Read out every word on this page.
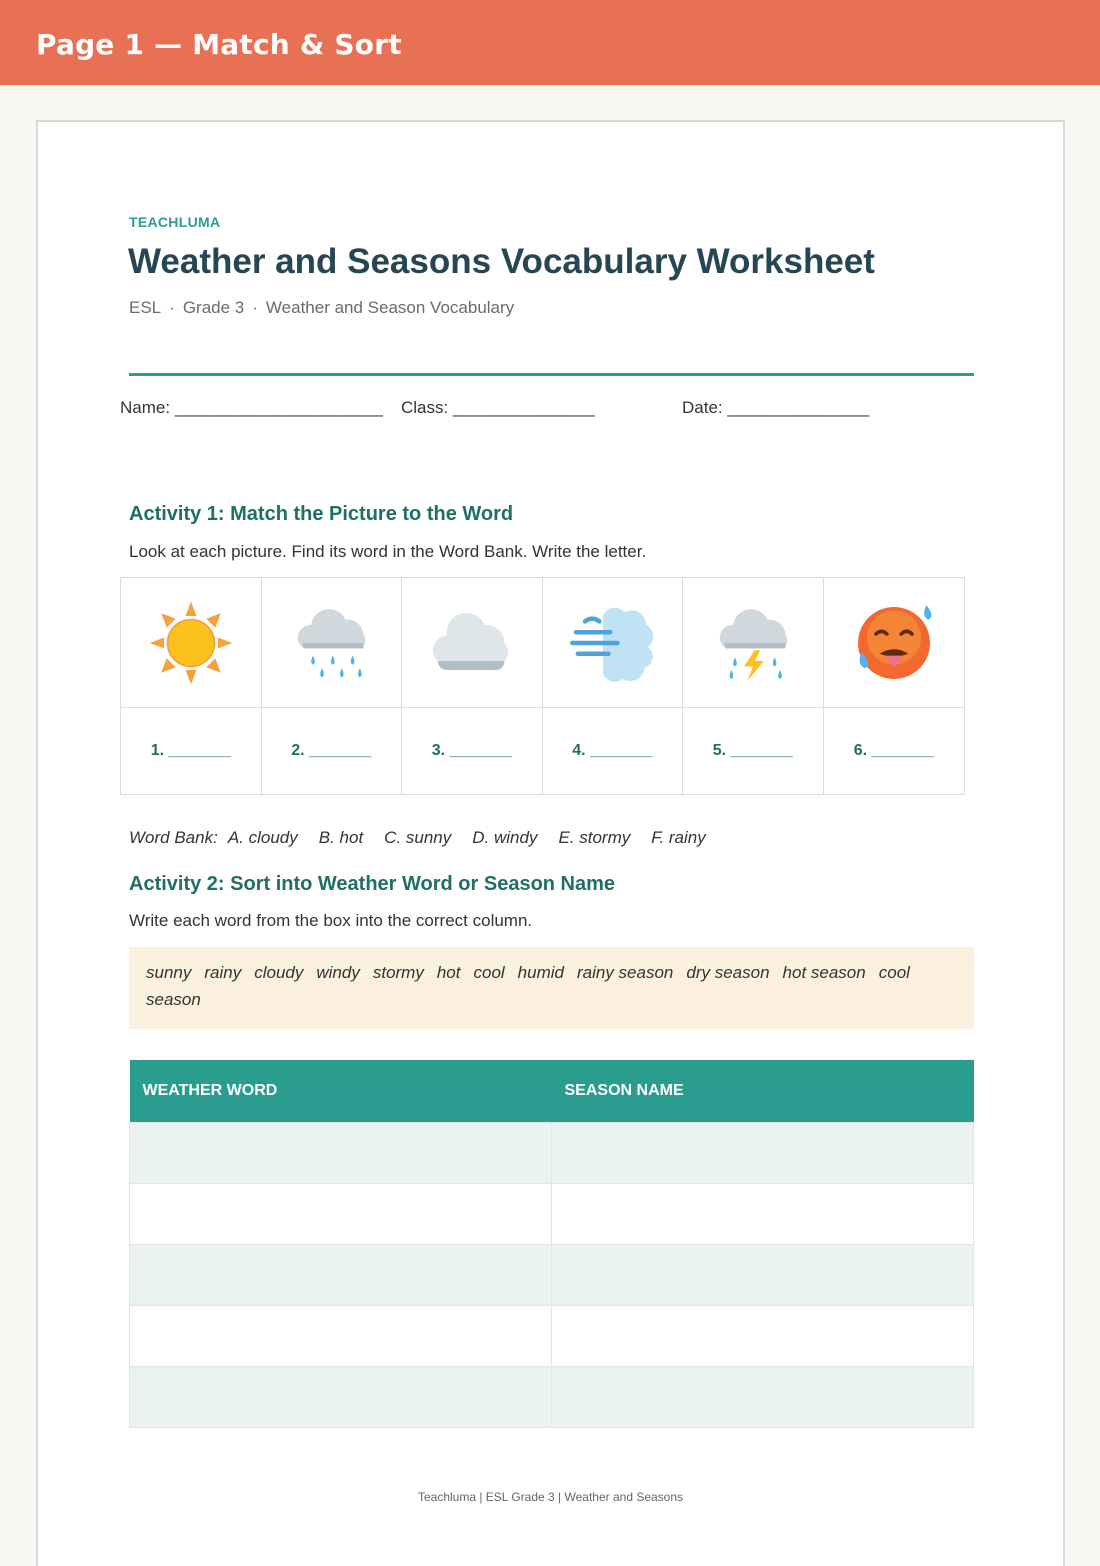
Page 1 — Match & Sort
TEACHLUMA
Weather and Seasons Vocabulary Worksheet
ESL · Grade 3 · Weather and Season Vocabulary
Name: ______________________ Class: _______________	Date: _______________
Activity 1: Match the Picture to the Word
Look at each picture. Find its word in the Word Bank. Write the letter.
1. _______	2. _______	3. _______	4. _______	5. _______	6. _______
Word Bank: A. cloudy B. hot C. sunny D. windy E. stormy F. rainy
Activity 2: Sort into Weather Word or Season Name
Write each word from the box into the correct column.
sunny rainy cloudy windy stormy hot cool humid rainy season dry season hot season cool season
WEATHER WORD	SEASON NAME

Teachluma | ESL Grade 3 | Weather and Seasons
